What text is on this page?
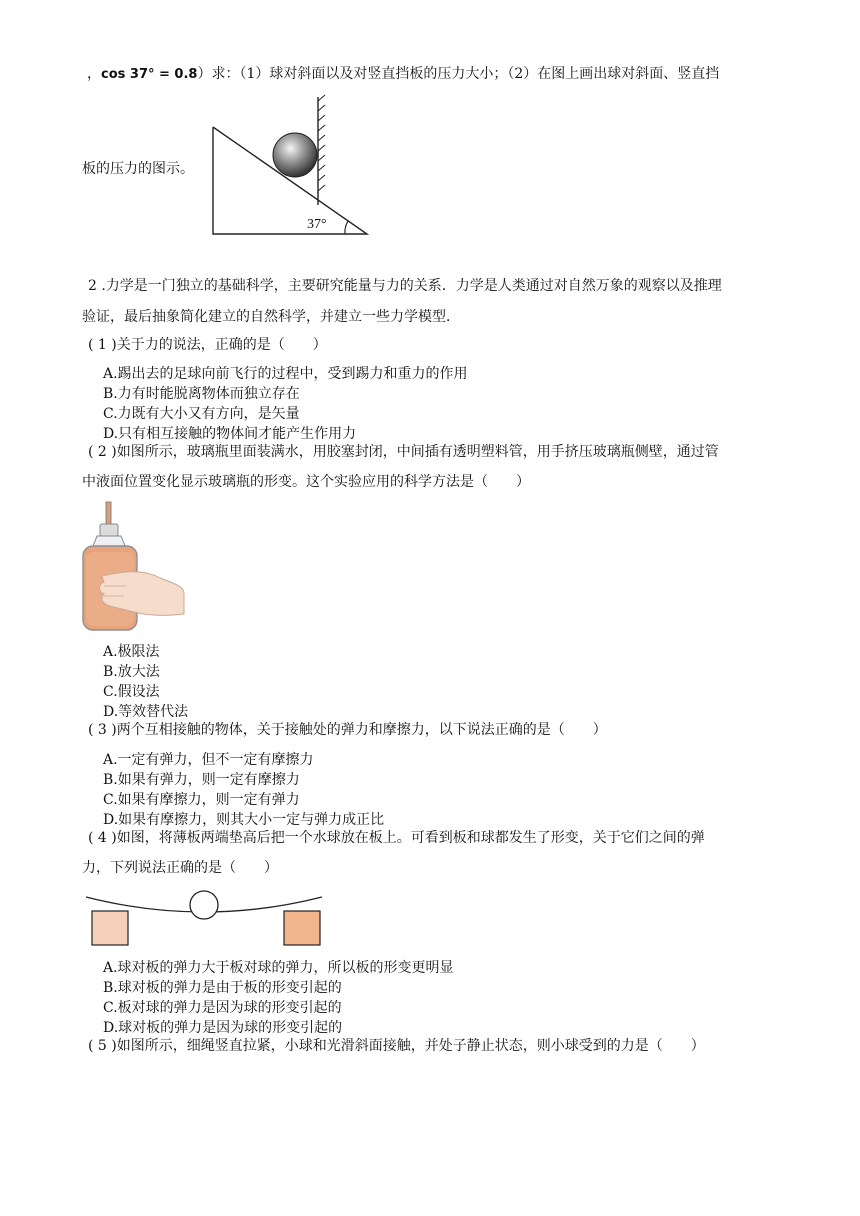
，cos 37° = 0.8）求：（1）球对斜面以及对竖直挡板的压力大小；（2）在图上画出球对斜面、竖直挡
板的压力的图示。
37°
2 .力学是一门独立的基础科学，主要研究能量与力的关系．力学是人类通过对自然万象的观察以及推理
验证，最后抽象简化建立的自然科学，并建立一些力学模型．
( 1 )关于力的说法，正确的是（　　）
A.踢出去的足球向前飞行的过程中，受到踢力和重力的作用
B.力有时能脱离物体而独立存在
C.力既有大小又有方向，是矢量
D.只有相互接触的物体间才能产生作用力
( 2 )如图所示，玻璃瓶里面装满水，用胶塞封闭，中间插有透明塑料管，用手挤压玻璃瓶侧壁，通过管
中液面位置变化显示玻璃瓶的形变。这个实验应用的科学方法是（　　）
A.极限法
B.放大法
C.假设法
D.等效替代法
( 3 )两个互相接触的物体，关于接触处的弹力和摩擦力，以下说法正确的是（　　）
A.一定有弹力，但不一定有摩擦力
B.如果有弹力，则一定有摩擦力
C.如果有摩擦力，则一定有弹力
D.如果有摩擦力，则其大小一定与弹力成正比
( 4 )如图，将薄板两端垫高后把一个水球放在板上。可看到板和球都发生了形变，关于它们之间的弹
力，下列说法正确的是（　　）
A.球对板的弹力大于板对球的弹力，所以板的形变更明显
B.球对板的弹力是由于板的形变引起的
C.板对球的弹力是因为球的形变引起的
D.球对板的弹力是因为球的形变引起的
( 5 )如图所示，细绳竖直拉紧，小球和光滑斜面接触，并处子静止状态，则小球受到的力是（　　）
